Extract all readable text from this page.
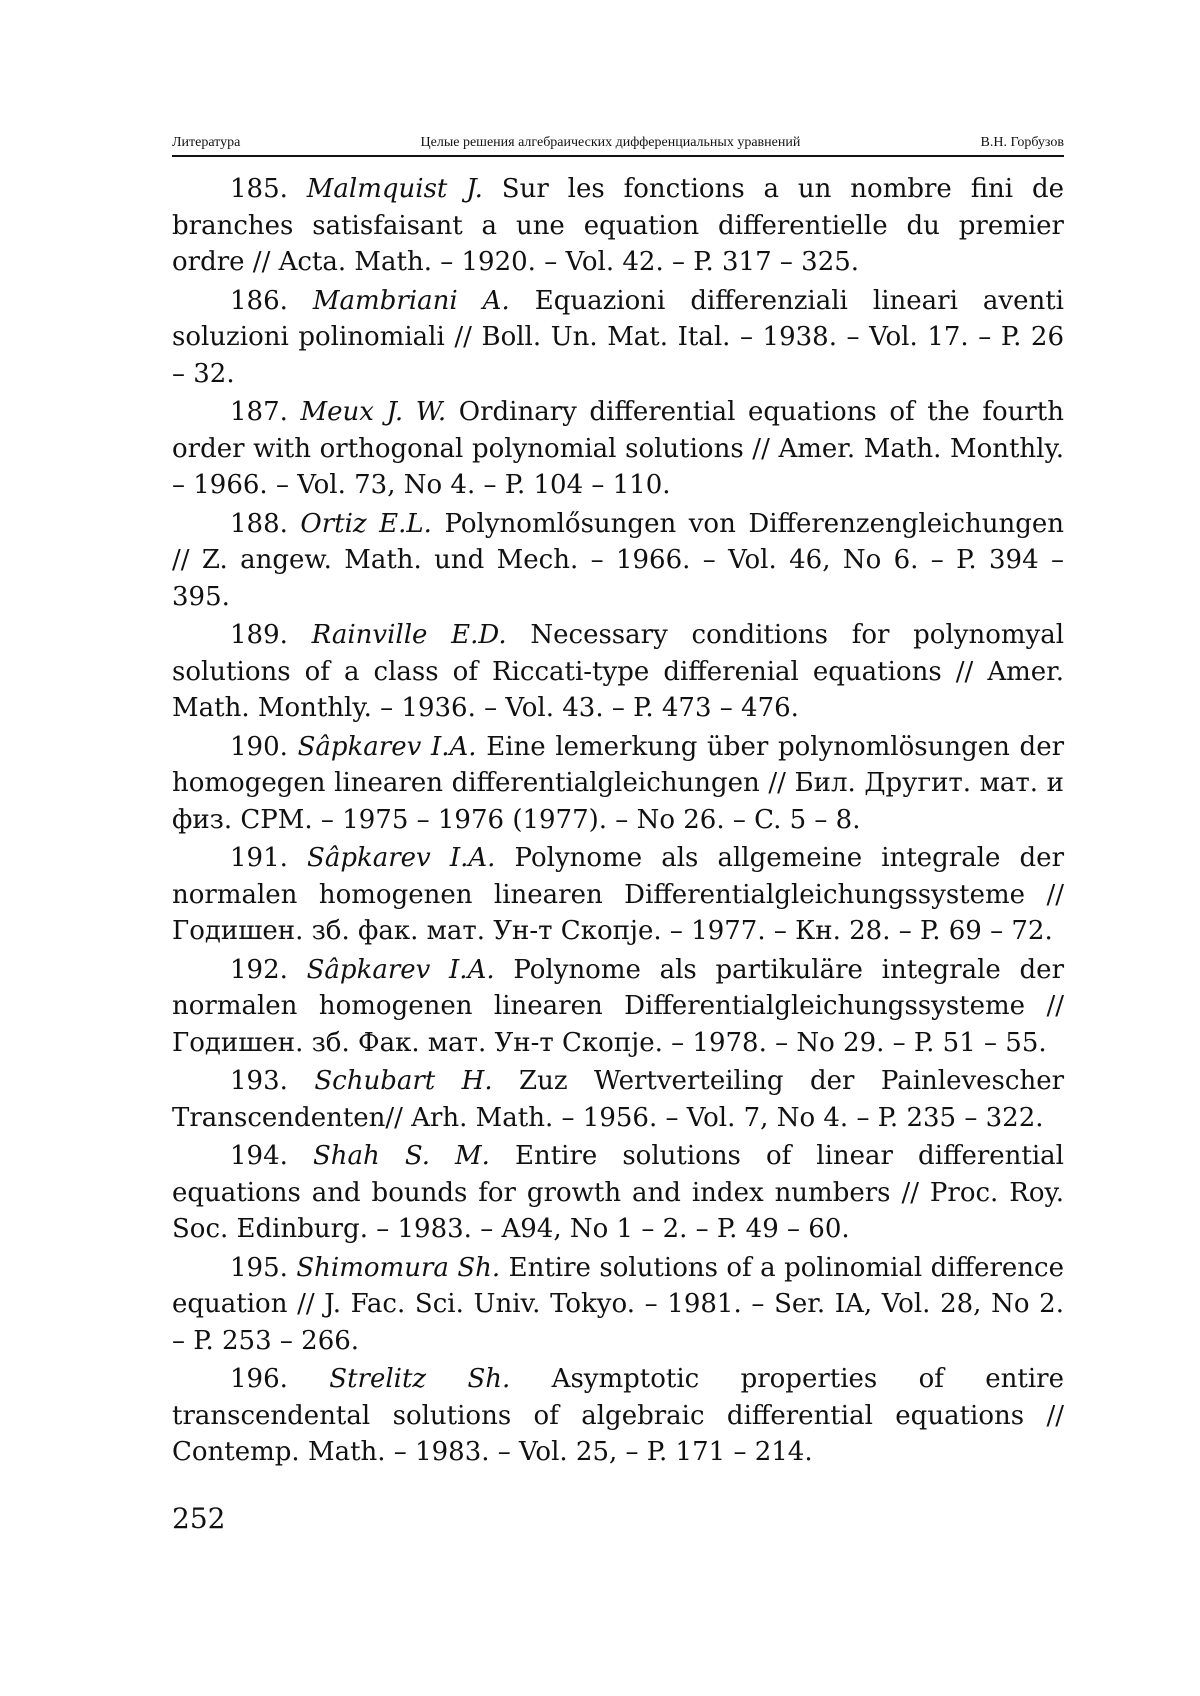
Литература	Целые решения алгебраических дифференциальных уравнений	В.Н. Горбузов

185. Malmquist J. Sur les fonctions a un nombre fini de branches satisfaisant a une equation differentielle du premier ordre // Acta. Math. – 1920. – Vol. 42. – P. 317 – 325.

186. Mambriani A. Equazioni differenziali lineari aventi soluzioni polinomiali // Boll. Un. Mat. Ital. – 1938. – Vol. 17. – P. 26 – 32.

187. Meux J. W. Ordinary differential equations of the fourth order with orthogonal polynomial solutions // Amer. Math. Monthly. – 1966. – Vol. 73, No 4. – P. 104 – 110.

188. Ortiz E.L. Polynomlősungen von Differenzengleichungen // Z. angew. Math. und Mech. – 1966. – Vol. 46, No 6. – P. 394 – 395.

189. Rainville E.D. Necessary conditions for polynomyal solutions of a class of Riccati-type differenial equations // Amer. Math. Monthly. – 1936. – Vol. 43. – P. 473 – 476.

190. Sâpkarev I.A. Eine lemerkung über polynomlösungen der homogegen linearen differentialgleichungen // Бил. Другит. мат. и физ. СРМ. – 1975 – 1976 (1977). – No 26. – C. 5 – 8.

191. Sâpkarev I.A. Polynome als allgemeine integrale der normalen homogenen linearen Differentialgleichungssysteme // Годишен. зб. фак. мат. Ун-т Скопје. – 1977. – Кн. 28. – P. 69 – 72.

192. Sâpkarev I.A. Polynome als partikuläre integrale der normalen homogenen linearen Differentialgleichungssysteme // Годишен. зб. Фак. мат. Ун-т Скопје. – 1978. – No 29. – P. 51 – 55.

193. Schubart H. Zuz Wertverteiling der Painlevescher Transcendenten// Arh. Math. – 1956. – Vol. 7, No 4. – P. 235 – 322.

194. Shah S. M. Entire solutions of linear differential equations and bounds for growth and index numbers // Proc. Roy. Soc. Edinburg. – 1983. – A94, No 1 – 2. – P. 49 – 60.

195. Shimomura Sh. Entire solutions of a polinomial difference equation // J. Fac. Sci. Univ. Tokyo. – 1981. – Ser. IA, Vol. 28, No 2. – P. 253 – 266.

196. Strelitz Sh. Asymptotic properties of entire transcendental solutions of algebraic differential equations // Contemp. Math. – 1983. – Vol. 25, – P. 171 – 214.

252
